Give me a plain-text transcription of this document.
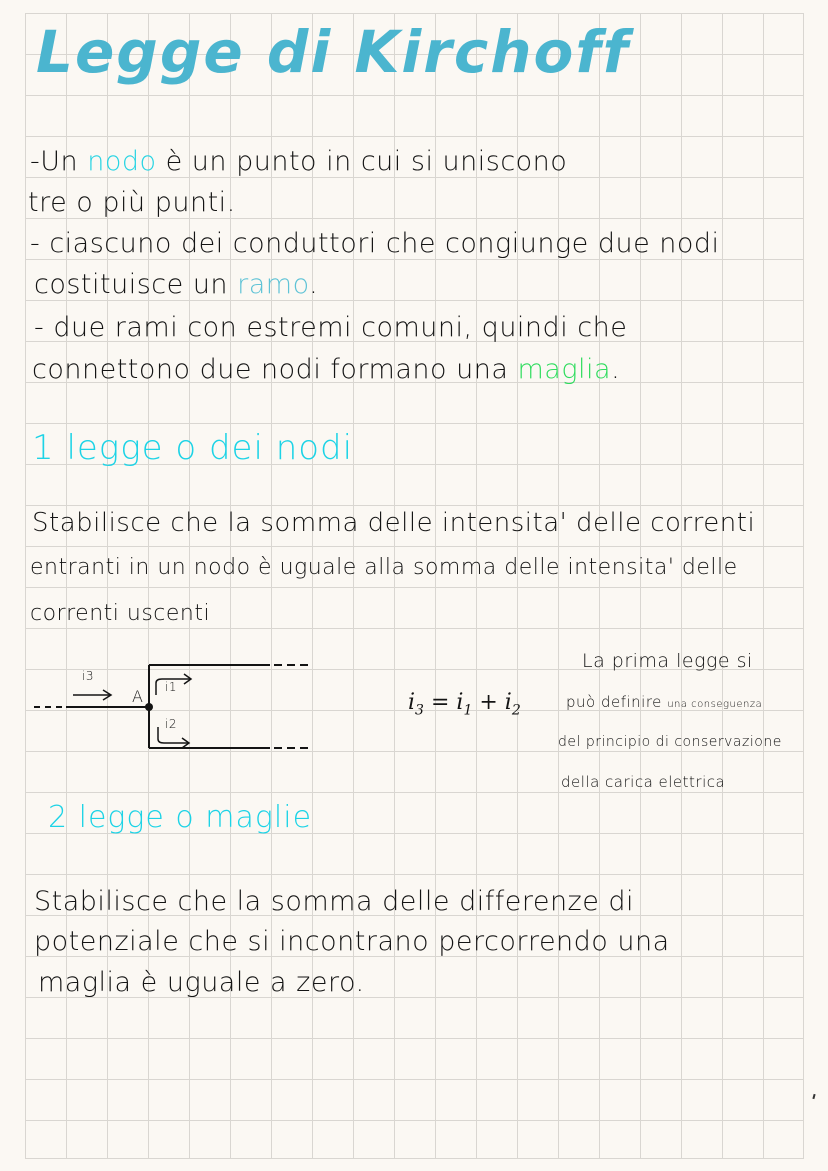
Legge di Kirchoff
-Un nodo è un punto in cui si uniscono
tre o più punti.
- ciascuno dei conduttori che congiunge due nodi
costituisce un ramo.
- due rami con estremi comuni, quindi che
connettono due nodi formano una maglia.
1 legge o dei nodi
Stabilisce che la somma delle intensita' delle correnti
entranti in un nodo è uguale alla somma delle intensita' delle
correnti uscenti
i3
A i1
i2
$i_3 = i_1 + i_2$
La prima legge si
può definire una conseguenza
del principio di conservazione
della carica elettrica
2 legge o maglie
Stabilisce che la somma delle differenze di
potenziale che si incontrano percorrendo una
maglia è uguale a zero.
